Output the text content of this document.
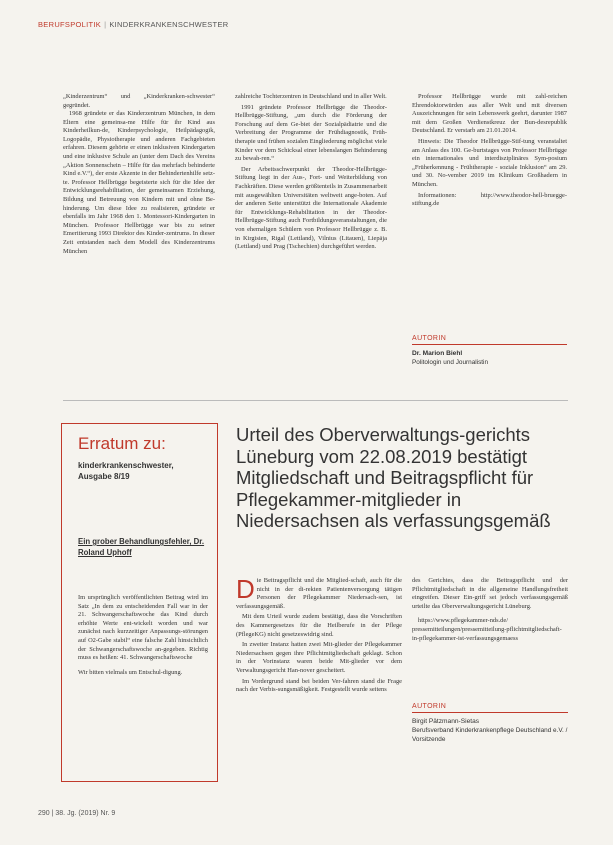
BERUFSPOLITIK | KINDERKRANKENSCHWESTER

„Kinderzentrum“ und „Kinderkranken-schwester“ gegründet.

1968 gründete er das Kinderzentrum München, in dem Eltern eine gemeinsa-me Hilfe für ihr Kind aus Kinderheilkun-de, Kinderpsychologie, Heilpädagogik, Logopädie, Physiotherapie und anderen Fachgebieten erfahren. Diesem gehörte er einen inklusiven Kindergarten und eine inklusive Schule an (unter dem Dach des Vereins „Aktion Sonnenschein – Hilfe für das mehrfach behinderte Kind e.V.“), der erste Akzente in der Behindertenhilfe setz-te. Professor Hellbrügge begeisterte sich für die Idee der Entwicklungsrehabilitation, der gemeinsamen Erziehung, Bildung und Betreuung von Kindern mit und ohne Be-hinderung. Um diese Idee zu realisieren, gründete er ebenfalls im Jahr 1968 den 1. Montessori-Kindergarten in München. Professor Hellbrügge war bis zu seiner Emeritierung 1993 Direktor des Kinder-zentrums. In dieser Zeit entstanden nach dem Modell des Kinderzentrums München

zahlreiche Tochterzentren in Deutschland und in aller Welt.

1991 gründete Professor Hellbrügge die Theodor-Hellbrügge-Stiftung, „um durch die Förderung der Forschung auf dem Ge-biet der Sozialpädiatrie und die Verbreitung der Programme der Frühdiagnostik, Früh-therapie und frühen sozialen Eingliederung möglichst viele Kinder vor dem Schicksal einer lebenslangen Behinderung zu bewah-ren.“

Der Arbeitsschwerpunkt der Theodor-Hellbrügge-Stiftung liegt in der Aus-, Fort- und Weiterbildung von Fachkräften. Diese werden größtenteils in Zusammenarbeit mit ausgewählten Universitäten weltweit ange-boten. Auf der anderen Seite unterstützt die Internationale Akademie für Entwicklungs-Rehabilitation in der Theodor-Hellbrügge-Stiftung auch Fortbildungsveranstaltungen, die von ehemaligen Schülern von Professor Hellbrügge z. B. in Kirgisien, Rigal (Lettland), Vilnius (Litauen), Liepāja (Lettland) und Prag (Tschechien) durchgeführt werden.

Professor Hellbrügge wurde mit zahl-reichen Ehrendoktorwürden aus aller Welt und mit diversen Auszeichnungen für sein Lebenswerk geehrt, darunter 1987 mit dem Großen Verdienstkreuz der Bun-desrepublik Deutschland. Er verstarb am 21.01.2014.

Hinweis: Die Theodor Hellbrügge-Stif-tung veranstaltet am Anlass des 100. Ge-burtstages von Professor Hellbrügge ein internationales und interdisziplinäres Sym-posium „Früherkennung - Frühtherapie - soziale Inklusion“ am 29. und 30. No-vember 2019 im Klinikum Großhadern in München.

Informationen: http://www.theodor-hell-bruegge-stiftung.de

AUTORIN
Dr. Marion Biehl
Politologin und Journalistin
Erratum zu:
kinderkrankenschwester, Ausgabe 8/19
Ein grober Behandlungsfehler, Dr. Roland Uphoff

Im ursprünglich veröffentlichten Beitrag wird im Satz „In dem zu entscheidenden Fall war in der 21. Schwangerschaftswoche das Kind durch erhöhte Werte ent-wickelt worden und war zunächst nach kurzzeitiger Anpassungs-störungen auf O2-Gabe stabil“ eine falsche Zahl hinsichtlich der Schwangerschaftswoche an-gegeben. Richtig muss es heißen: 41. Schwangerschaftswoche

Wir bitten vielmals um Entschul-digung.

Urteil des Oberverwaltungs-gerichts Lüneburg vom 22.08.2019 bestätigt Mitgliedschaft und Beitragspflicht für Pflegekammer-mitglieder in Niedersachsen als verfassungsgemäß

Die Beitragspflicht und die Mitglied-schaft, auch für die nicht in der di-rekten Patientenversorgung tätigen Personen der Pflegekammer Niedersach-sen, ist verfassungsgemäß.

Mit dem Urteil wurde zudem bestätigt, dass die Vorschriften des Kammergesetzes für die Heilberufe in der Pflege (PflegeKG) nicht gesetzeswidrig sind.

In zweiter Instanz hatten zwei Mit-glieder der Pflegekammer Niedersachsen gegen ihre Pflichtmitgliedschaft geklagt. Schon in der Vorinstanz waren beide Mit-glieder vor dem Verwaltungsgericht Han-nover gescheitert.

Im Vordergrund stand bei beiden Ver-fahren stand die Frage nach der Verbis-sungsmäßigkeit. Festgestellt wurde seitens

des Gerichtes, dass die Beitragspflicht und der Pflichtmitgliedschaft in die allgemeine Handlungsfreiheit eingreifen. Dieser Ein-griff sei jedoch verfassungsgemäß urteilte das Oberverwaltungsgericht Lüneburg.

https://www.pflegekammer-nds.de/ pressemitteilungen/pressemitteilung-pflichtmitgliedschaft-in-pflegekammer-ist-verfassungsgemaess

AUTORIN
Birgit Pätzmann-Sietas
Berufsverband Kinderkrankenpflege Deutschland e.V. / Vorsitzende
290 | 38. Jg. (2019) Nr. 9
